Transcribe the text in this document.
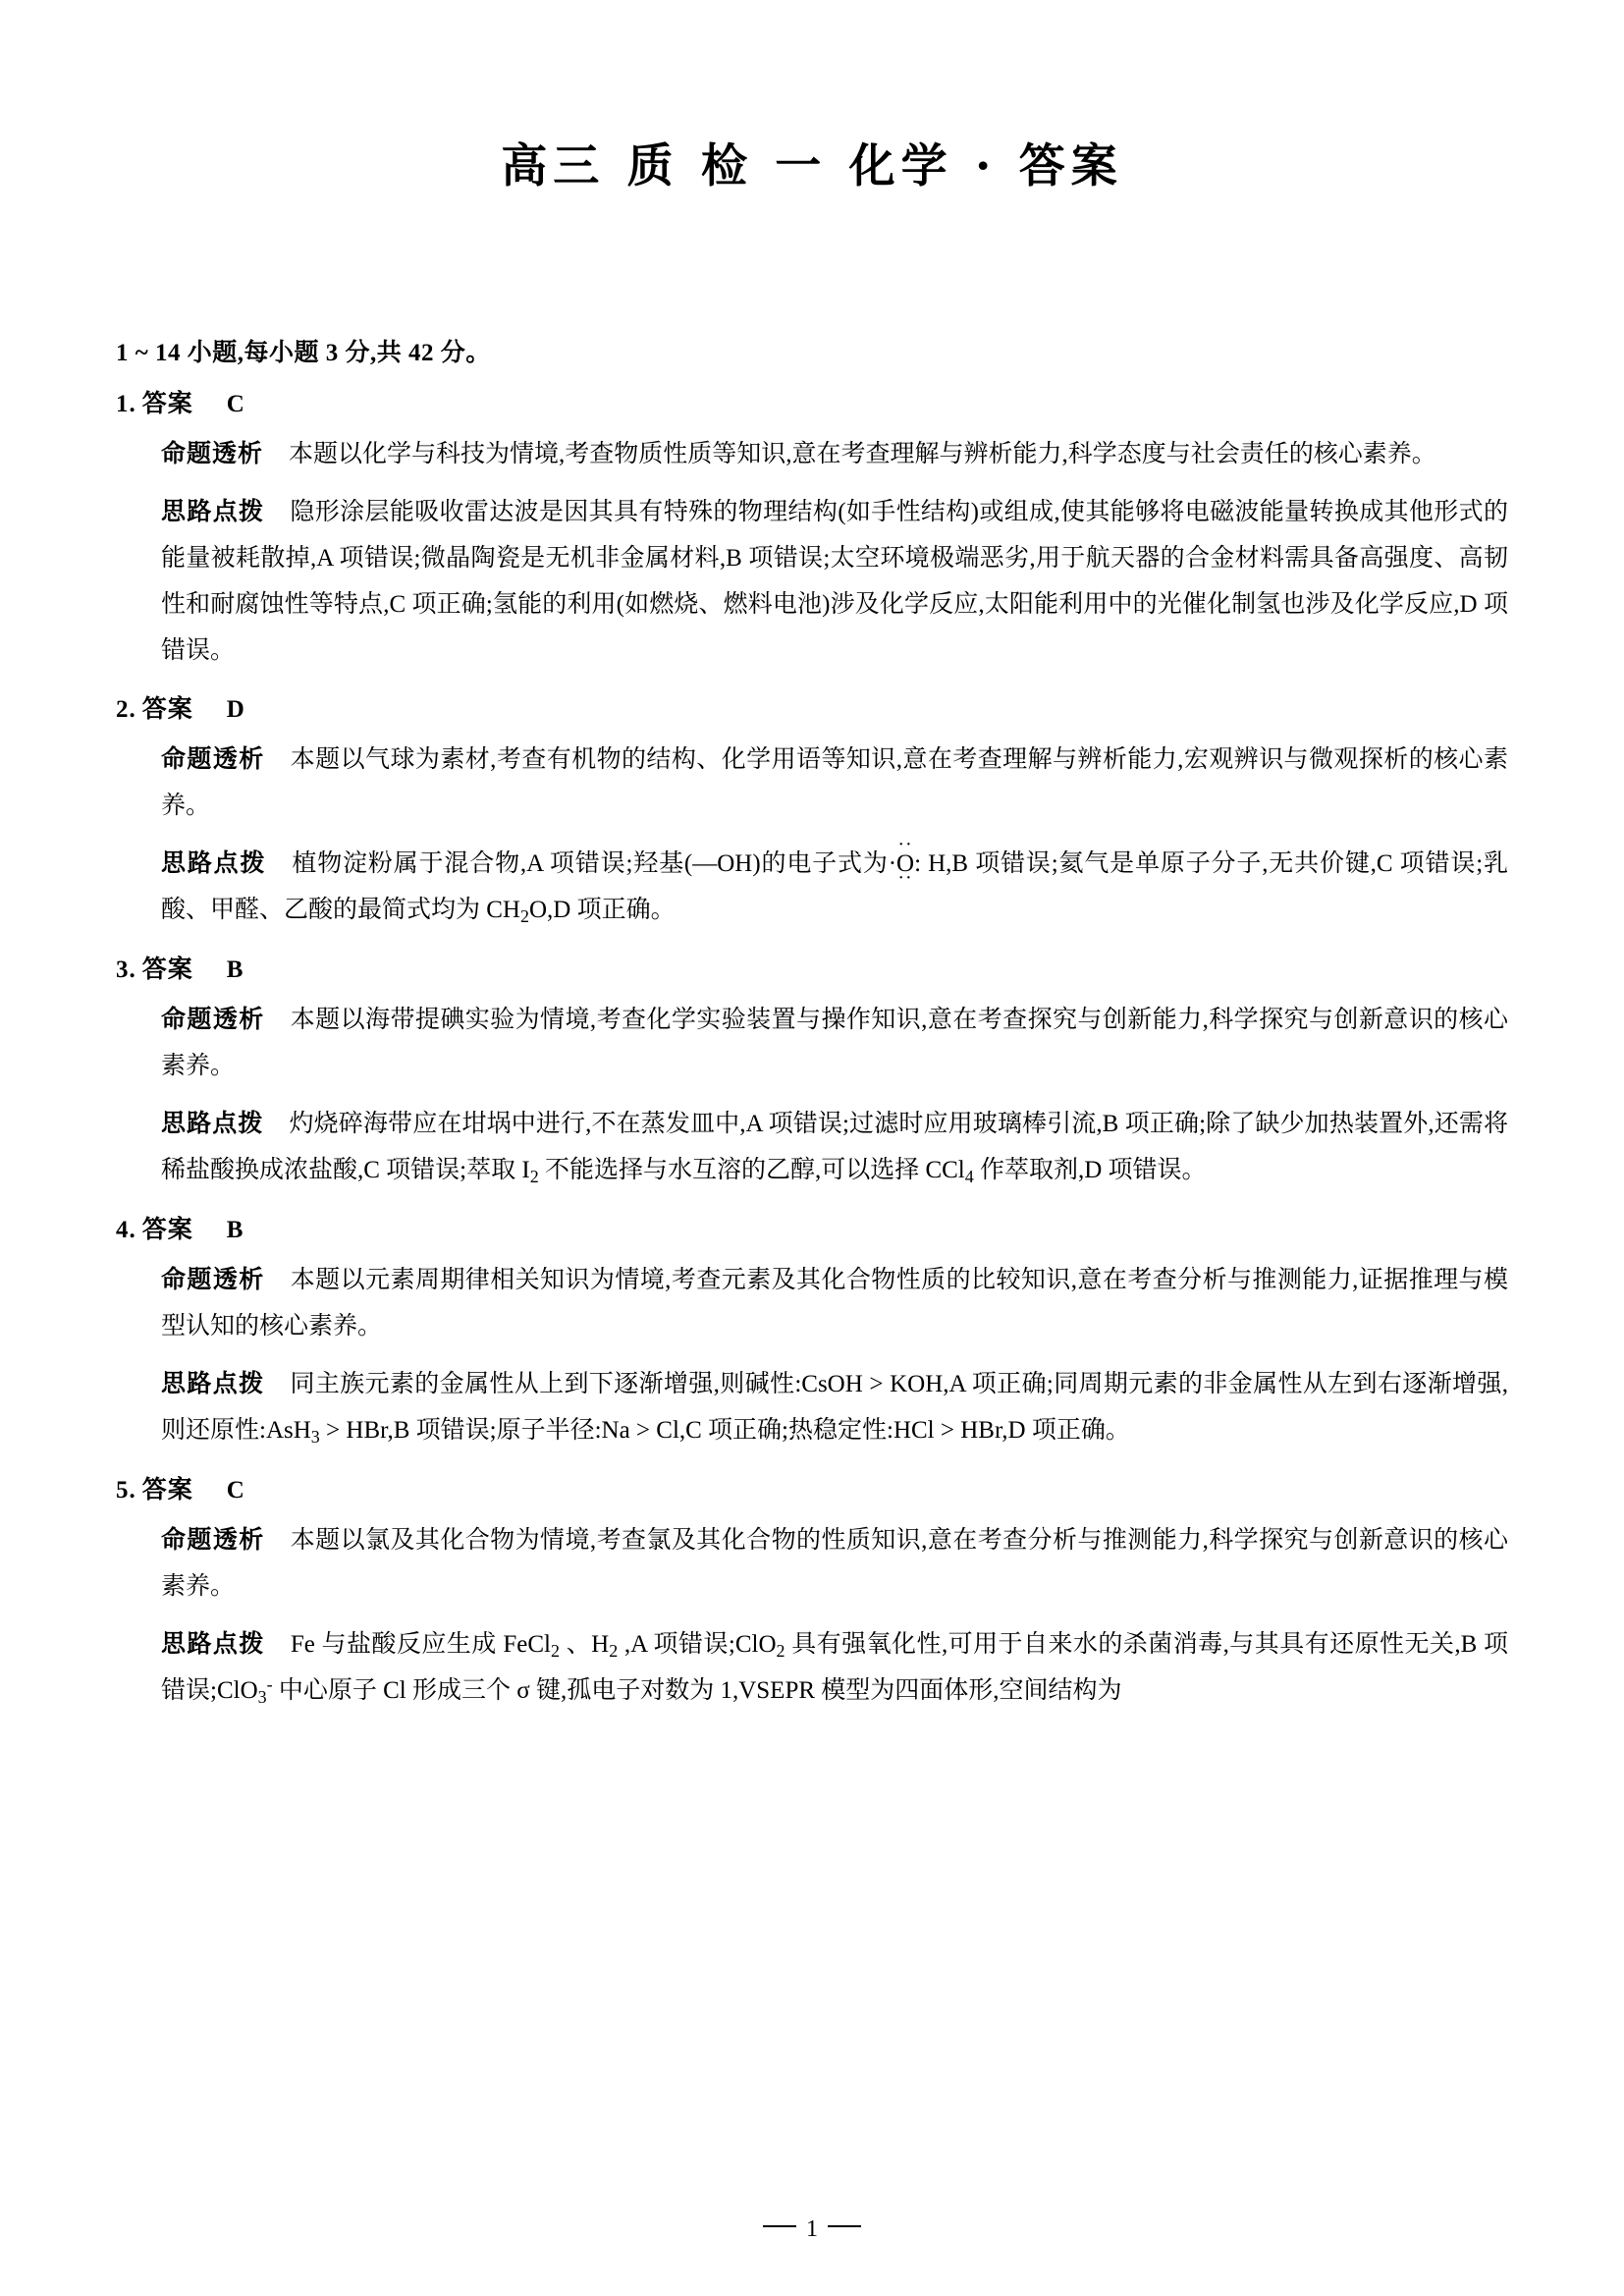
高三 质 检 一 化学 · 答案
1 ~ 14 小题,每小题 3 分,共 42 分。
1. 答案 C
命题透析 本题以化学与科技为情境,考查物质性质等知识,意在考查理解与辨析能力,科学态度与社会责任的核心素养。
思路点拨 隐形涂层能吸收雷达波是因其具有特殊的物理结构(如手性结构)或组成,使其能够将电磁波能量转换成其他形式的能量被耗散掉,A 项错误;微晶陶瓷是无机非金属材料,B 项错误;太空环境极端恶劣,用于航天器的合金材料需具备高强度、高韧性和耐腐蚀性等特点,C 项正确;氢能的利用(如燃烧、燃料电池)涉及化学反应,太阳能利用中的光催化制氢也涉及化学反应,D 项错误。
2. 答案 D
命题透析 本题以气球为素材,考查有机物的结构、化学用语等知识,意在考查理解与辨析能力,宏观辨识与微观探析的核心素养。
思路点拨 植物淀粉属于混合物,A 项错误;羟基(—OH)的电子式为··· O ··: H,B 项错误;氦气是单原子分子,无共价键,C 项错误;乳酸、甲醛、乙酸的最简式均为 $CH_2O,D$ 项正确。
3. 答案 B
命题透析 本题以海带提碘实验为情境,考查化学实验装置与操作知识,意在考查探究与创新能力,科学探究与创新意识的核心素养。
思路点拨 灼烧碎海带应在坩埚中进行,不在蒸发皿中,A 项错误;过滤时应用玻璃棒引流,B 项正确;除了缺少加热装置外,还需将稀盐酸换成浓盐酸,C 项错误;萃取 $I_2$ 不能选择与水互溶的乙醇,可以选择 CCl$_4$ 作萃取剂,D 项错误。
4. 答案 B
命题透析 本题以元素周期律相关知识为情境,考查元素及其化合物性质的比较知识,意在考查分析与推测能力,证据推理与模型认知的核心素养。
思路点拨 同主族元素的金属性从上到下逐渐增强,则碱性:CsOH > KOH,A 项正确;同周期元素的非金属性从左到右逐渐增强,则还原性:AsH$_3$ > HBr,B 项错误;原子半径:Na > Cl,C 项正确;热稳定性:HCl > HBr,D 项正确。
5. 答案 C
命题透析 本题以氯及其化合物为情境,考查氯及其化合物的性质知识,意在考查分析与推测能力,科学探究与创新意识的核心素养。
思路点拨 Fe 与盐酸反应生成 FeCl$_2$ 、$H_2$ ,A 项错误;ClO$_2$ 具有强氧化性,可用于自来水的杀菌消毒,与其具有还原性无关,B 项错误;ClO$_3$- 中心原子 Cl 形成三个 σ 键,孤电子对数为 1,VSEPR 模型为四面体形,空间结构为
1
